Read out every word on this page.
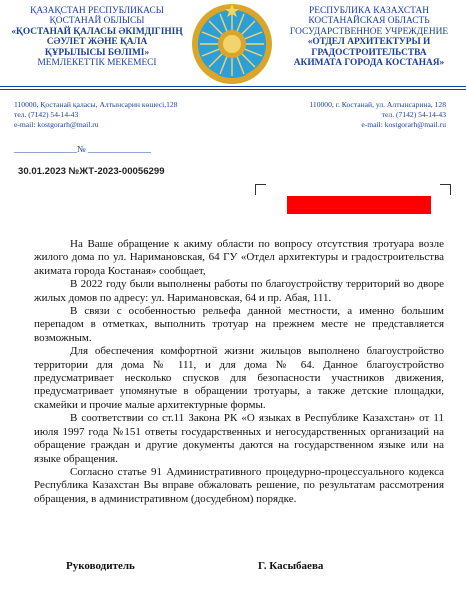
ҚАЗАҚСТАН РЕСПУБЛИКАСЫ
ҚОСТАНАЙ ОБЛЫСЫ
«ҚОСТАНАЙ ҚАЛАСЫ ӘКІМДІГІНІҢ
СӘУЛЕТ ЖӘНЕ ҚАЛА
ҚҰРЫЛЫСЫ БӨЛІМІ»
МЕМЛЕКЕТТІК МЕКЕМЕСІ
РЕСПУБЛИКА КАЗАХСТАН
КОСТАНАЙСКАЯ ОБЛАСТЬ
ГОСУДАРСТВЕННОЕ УЧРЕЖДЕНИЕ
«ОТДЕЛ АРХИТЕКТУРЫ И
ГРАДОСТРОИТЕЛЬСТВА
АКИМАТА ГОРОДА КОСТАНАЯ»
110000, Қостанай қаласы, Алтынсарин көшесі,128
тел. (7142) 54-14-43
e-mail: kostgorarh@mail.ru
110000, г. Костанай, ул. Алтынсарина, 128
тел. (7142) 54-14-43
e-mail: kostgorarh@mail.ru
______________№ ______________
30.01.2023 №ЖТ-2023-00056299

На Ваше обращение к акиму области по вопросу отсутствия тротуара возле жилого дома по ул. Наримановская, 64 ГУ «Отдел архитектуры и градостроительства акимата города Костаная» сообщает,

В 2022 году были выполнены работы по благоустройству территорий во дворе жилых домов по адресу: ул. Наримановская, 64 и пр. Абая, 111.

В связи с особенностью рельефа данной местности, а именно большим перепадом в отметках, выполнить тротуар на прежнем месте не представляется возможным.

Для обеспечения комфортной жизни жильцов выполнено благоустройство территории для дома № 111, и для дома № 64. Данное благоустройство предусматривает несколько спусков для безопасности участников движения, предусматривает упомянутые в обращении тротуары, а также детские площадки, скамейки и прочие малые архитектурные формы.

В соответствии со ст.11 Закона РК «О языках в Республике Казахстан» от 11 июля 1997 года №151 ответы государственных и негосударственных организаций на обращение граждан и другие документы даются на государственном языке или на языке обращения.

Согласно статье 91 Административного процедурно-процессуального кодекса Республика Казахстан Вы вправе обжаловать решение, по результатам рассмотрения обращения, в административном (досудебном) порядке.

Руководитель	Г. Касыбаева
